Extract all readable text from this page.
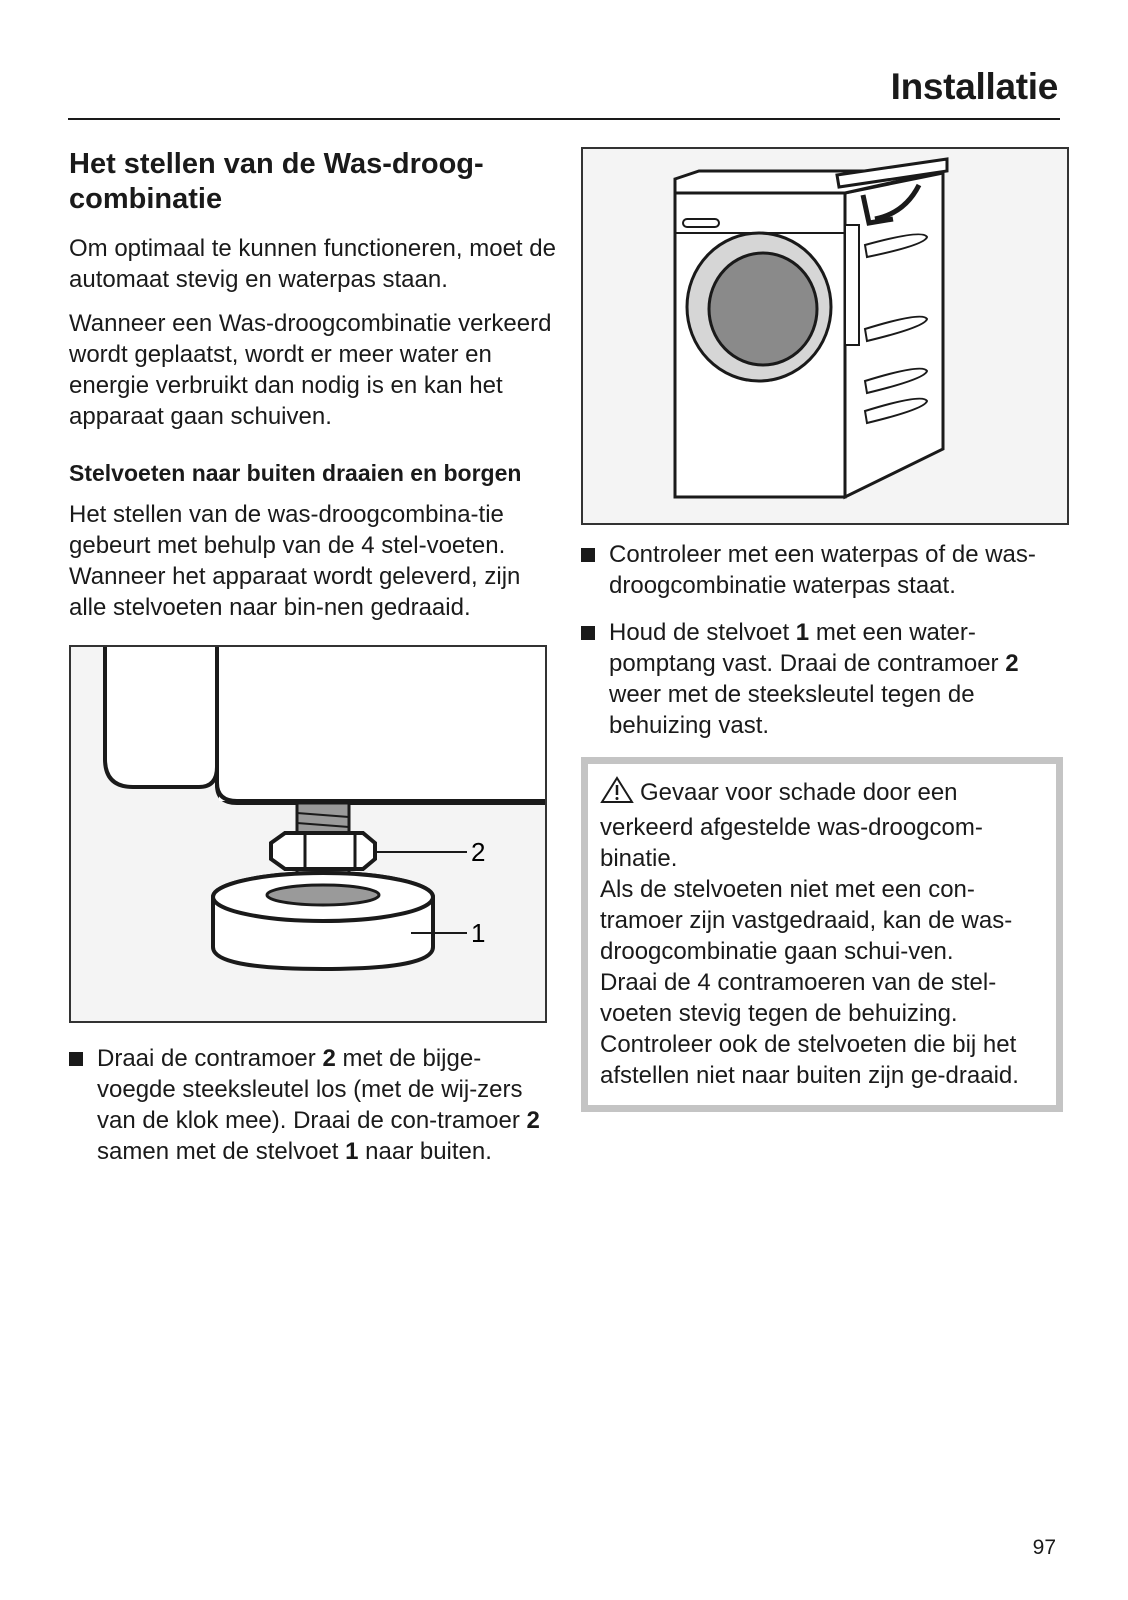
Installatie
Het stellen van de Was-droog-combinatie

Om optimaal te kunnen functioneren, moet de automaat stevig en waterpas staan.

Wanneer een Was-droogcombinatie verkeerd wordt geplaatst, wordt er meer water en energie verbruikt dan nodig is en kan het apparaat gaan schuiven.

Stelvoeten naar buiten draaien en borgen

Het stellen van de was-droogcombina-tie gebeurt met behulp van de 4 stel-voeten. Wanneer het apparaat wordt geleverd, zijn alle stelvoeten naar bin-nen gedraaid.

2
1
Draai de contramoer 2 met de bijge-voegde steeksleutel los (met de wij-zers van de klok mee). Draai de con-tramoer 2 samen met de stelvoet 1 naar buiten.
Controleer met een waterpas of de was-droogcombinatie waterpas staat.
Houd de stelvoet 1 met een water-pomptang vast. Draai de contramoer 2 weer met de steeksleutel tegen de behuizing vast.

Gevaar voor schade door een verkeerd afgestelde was-droogcom-binatie.

Als de stelvoeten niet met een con-tramoer zijn vastgedraaid, kan de was-droogcombinatie gaan schui-ven.

Draai de 4 contramoeren van de stel-voeten stevig tegen de behuizing. Controleer ook de stelvoeten die bij het afstellen niet naar buiten zijn ge-draaid.

97
